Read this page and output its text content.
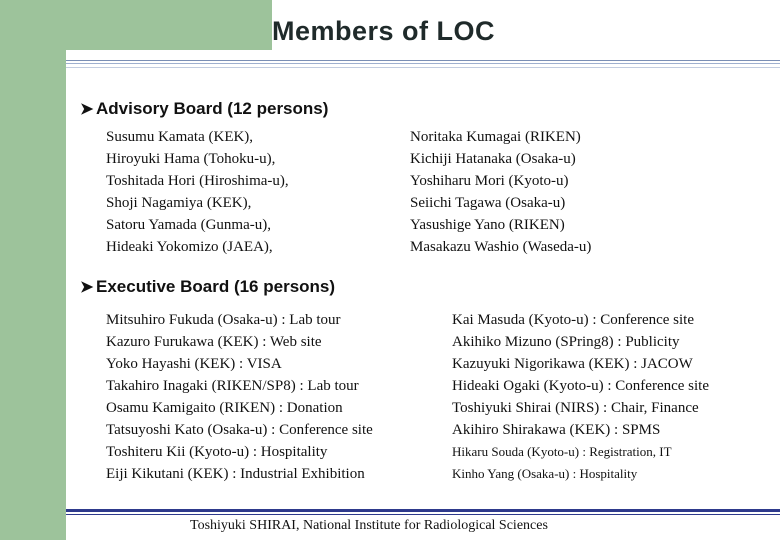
Members of LOC
➤ Advisory Board (12 persons)
Susumu Kamata (KEK),
Hiroyuki Hama (Tohoku-u),
Toshitada Hori (Hiroshima-u),
Shoji Nagamiya (KEK),
Satoru Yamada (Gunma-u),
Hideaki Yokomizo (JAEA),
Noritaka Kumagai (RIKEN)
Kichiji Hatanaka (Osaka-u)
Yoshiharu Mori (Kyoto-u)
Seiichi Tagawa (Osaka-u)
Yasushige Yano (RIKEN)
Masakazu Washio (Waseda-u)
➤ Executive Board (16 persons)
Mitsuhiro Fukuda (Osaka-u) : Lab tour
Kazuro Furukawa (KEK) : Web site
Yoko Hayashi (KEK) : VISA
Takahiro Inagaki (RIKEN/SP8) : Lab tour
Osamu Kamigaito (RIKEN) : Donation
Tatsuyoshi Kato (Osaka-u) : Conference site
Toshiteru Kii (Kyoto-u) : Hospitality
Eiji Kikutani (KEK) : Industrial Exhibition
Kai Masuda (Kyoto-u) : Conference site
Akihiko Mizuno (SPring8) : Publicity
Kazuyuki Nigorikawa (KEK) : JACOW
Hideaki Ogaki (Kyoto-u) : Conference site
Toshiyuki Shirai (NIRS) : Chair, Finance
Akihiro Shirakawa (KEK) : SPMS
Hikaru Souda (Kyoto-u) : Registration, IT
Kinho Yang (Osaka-u) : Hospitality
Toshiyuki SHIRAI, National Institute for Radiological Sciences
